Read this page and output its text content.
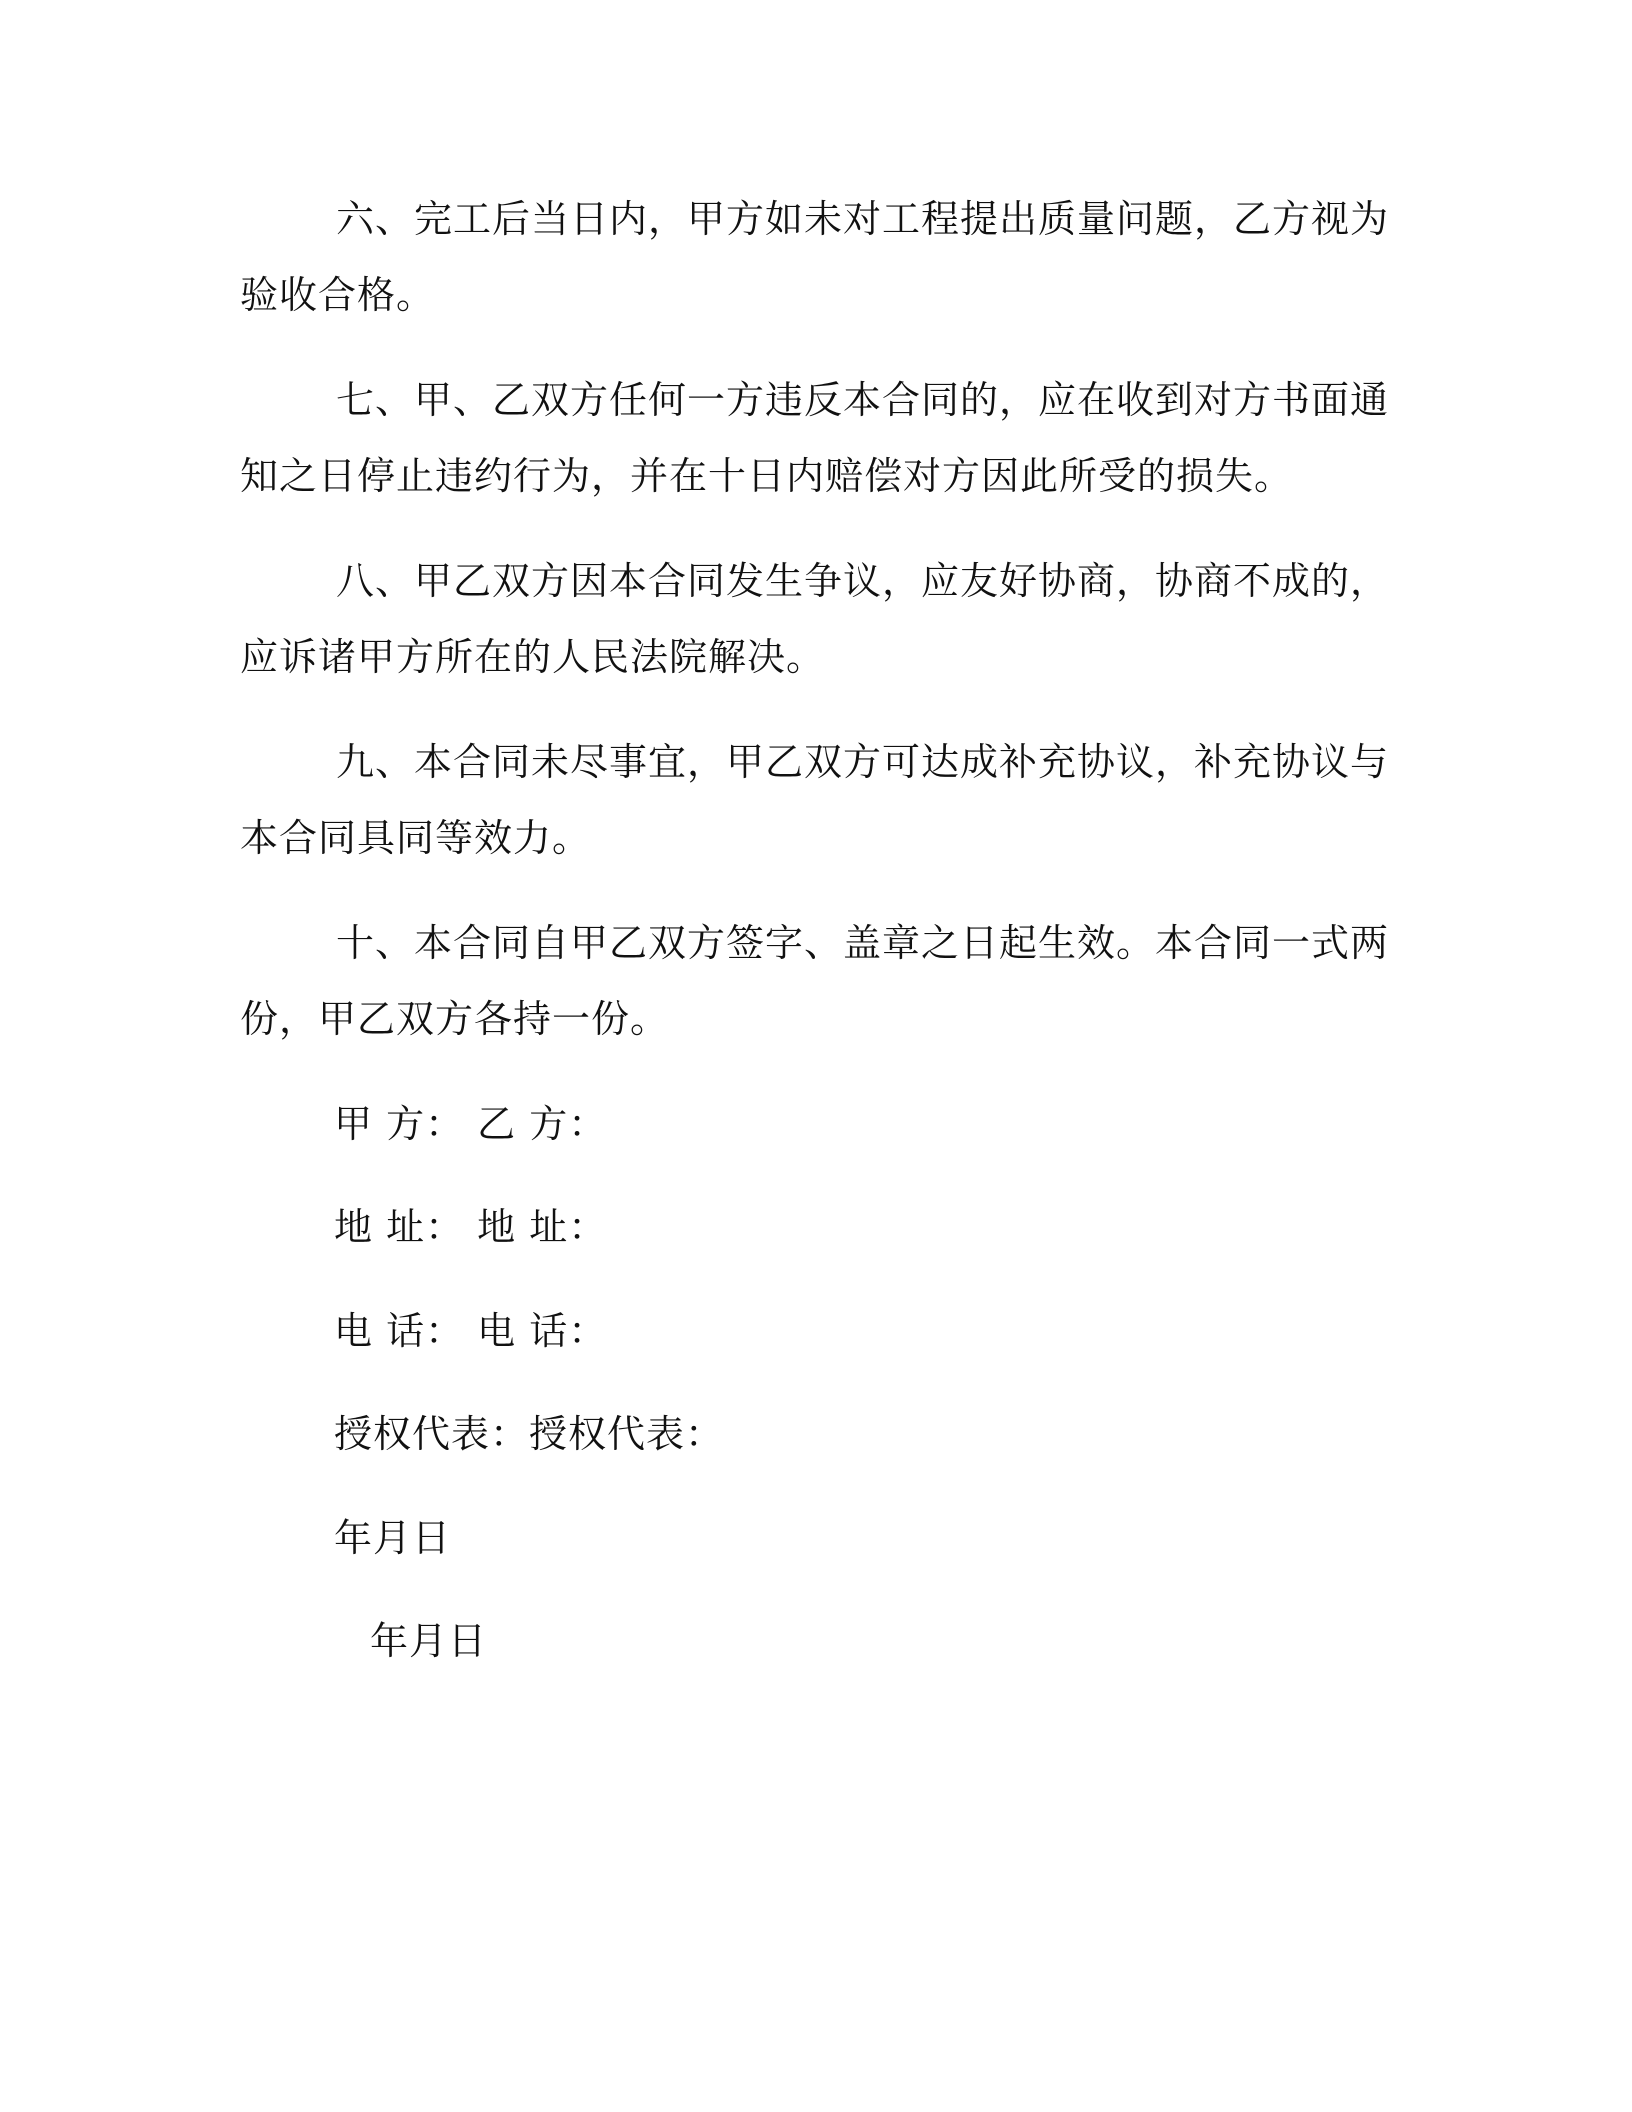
六、完工后当日内，甲方如未对工程提出质量问题，乙方视为验收合格。

七、甲、乙双方任何一方违反本合同的，应在收到对方书面通知之日停止违约行为，并在十日内赔偿对方因此所受的损失。

八、甲乙双方因本合同发生争议，应友好协商，协商不成的，应诉诸甲方所在的人民法院解决。

九、本合同未尽事宜，甲乙双方可达成补充协议，补充协议与本合同具同等效力。

十、本合同自甲乙双方签字、盖章之日起生效。本合同一式两份，甲乙双方各持一份。

甲 方： 乙 方：

地 址： 地 址：

电 话： 电 话：

授权代表：授权代表：

年月日

年月日
